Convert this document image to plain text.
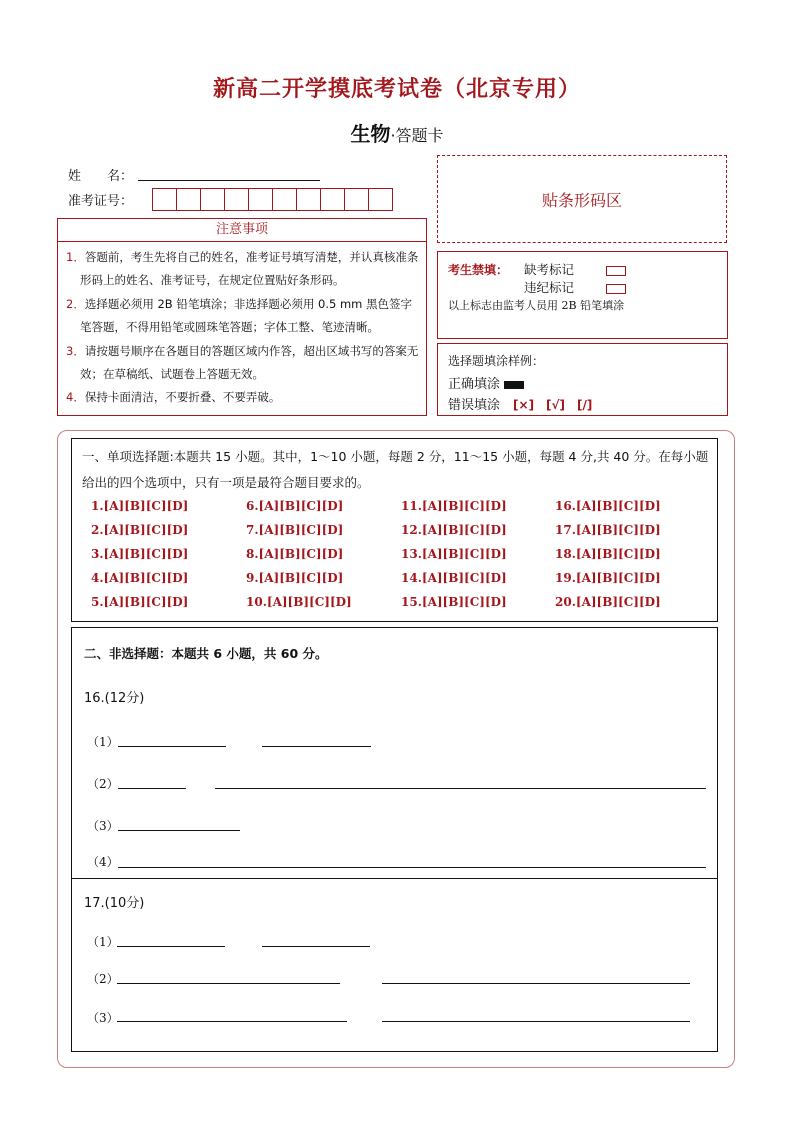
新高二开学摸底考试卷（北京专用）
生物·答题卡
姓　　名：
准考证号：	贴条形码区
注意事项
1．答题前，考生先将自己的姓名，准考证号填写清楚，并认真核准条形码上的姓名、准考证号，在规定位置贴好条形码。
2．选择题必须用 2B 铅笔填涂；非选择题必须用 0.5 mm 黑色签字笔答题，不得用铅笔或圆珠笔答题；字体工整、笔迹清晰。
3．请按题号顺序在各题目的答题区域内作答，超出区域书写的答案无效；在草稿纸、试题卷上答题无效。
4．保持卡面清洁，不要折叠、不要弄破。
考生禁填： 缺考标记
违纪标记
以上标志由监考人员用 2B 铅笔填涂
选择题填涂样例：
正确填涂
错误填涂　 [×]　[√]　[/]
一、单项选择题:本题共 15 小题。其中，1～10 小题，每题 2 分，11～15 小题，每题 4 分,共 40 分。在每小题给出的四个选项中，只有一项是最符合题目要求的。
1.[A][B][C][D]
2.[A][B][C][D]
3.[A][B][C][D]
4.[A][B][C][D]
5.[A][B][C][D]
6.[A][B][C][D]
7.[A][B][C][D]
8.[A][B][C][D]
9.[A][B][C][D]
10.[A][B][C][D]
11.[A][B][C][D]
12.[A][B][C][D]
13.[A][B][C][D]
14.[A][B][C][D]
15.[A][B][C][D]
16.[A][B][C][D]
17.[A][B][C][D]
18.[A][B][C][D]
19.[A][B][C][D]
20.[A][B][C][D]
二、非选择题：本题共 6 小题，共 60 分。
16.(12分)
（1）
（2）
（3）
（4）
17.(10分)
（1）
（2）
（3）
